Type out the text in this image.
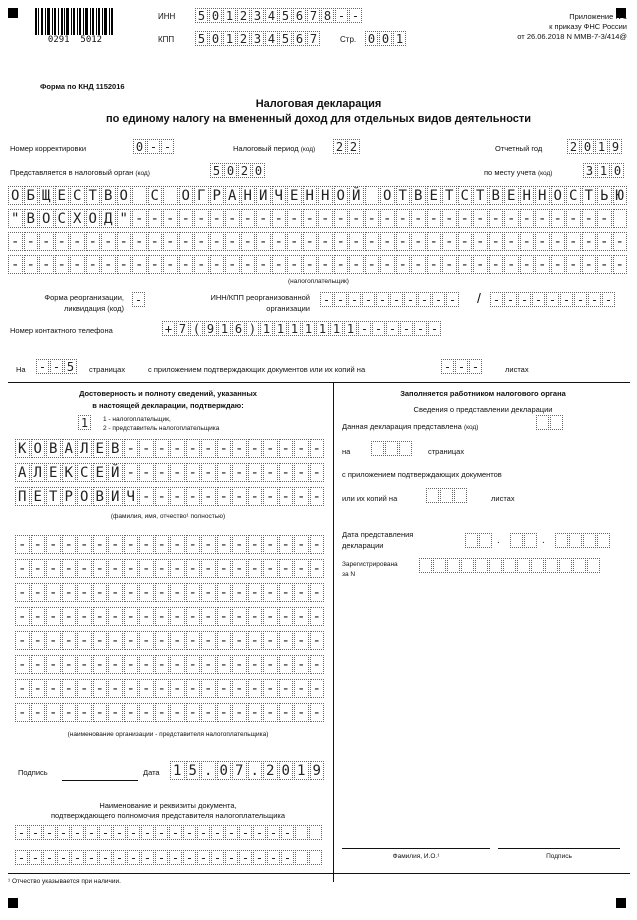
0291  5012
ИНН 5 0 1 2 3 4 5 6 7 8 - -
КПП 5 0 1 2 3 4 5 6 7	Стр. 0 0 1
Приложение N 1
к приказу ФНС России
от 26.06.2018 N ММВ-7-3/414@
Форма по КНД 1152016
Налоговая декларация
по единому налогу на вмененный доход для отдельных видов деятельности
Номер корректировки	0 - -	Налоговый период (код) 2 2	Отчетный год 2 0 1 9
Представляется в налоговый орган (код)	5 0 2 0	по месту учета (код)	3 1 0
О Б Щ Е С Т В О С О Г Р А Н И Ч Е Н Н О Й О Т В Е Т С Т В Е Н Н О С Т Ь Ю
" В О С Х О Д " - - - - - - - - - - - - - - - - - - - - - - - - - - - - - - -
- - - - - - - - - - - - - - - - - - - - - - - - - - - - - - - - - - - - - - - -
- - - - - - - - - - - - - - - - - - - - - - - - - - - - - - - - - - - - - - - -
(налогоплательщик)
Форма реорганизации,
ликвидация (код)
-	ИНН/КПП реорганизованной
организации
- - - - - - - - - - / - - - - - - - - -
Номер контактного телефона	+ 7 ( 9 1 6 ) 1 1 1 1 1 1 1 - - - - - -
На - - 5	страницах	с приложением подтверждающих документов или их копий на	- - -	листах
Достоверность и полноту сведений, указанных
в настоящей декларации, подтверждаю:
1	1 - налогоплательщик,
2 - представитель налогоплательщика
К О В А Л Е В - - - - - - - - - - - - -
А Л Е К С Е Й - - - - - - - - - - - - -
П Е Т Р О В И Ч - - - - - - - - - - - -
(фамилия, имя, отчество¹ полностью)
- - - - - - - - - - - - - - - - - - - -
- - - - - - - - - - - - - - - - - - - -
- - - - - - - - - - - - - - - - - - - -
- - - - - - - - - - - - - - - - - - - -
- - - - - - - - - - - - - - - - - - - -
- - - - - - - - - - - - - - - - - - - -
- - - - - - - - - - - - - - - - - - - -
- - - - - - - - - - - - - - - - - - - -
(наименование организации - представителя налогоплательщика)
Подпись	Дата 1 5 . 0 7 . 2 0 1 9
Наименование и реквизиты документа,
подтверждающего полномочия представителя налогоплательщика
- - - - - - - - - - - - - - - - - - - -
- - - - - - - - - - - - - - - - - - - -
Заполняется работником налогового органа
Сведения о представлении декларации
Данная декларация представлена (код)
на	страницах
с приложением подтверждающих документов
или их копий на	листах
Дата представления
декларации	.	.
Зарегистрирована
за N
Фамилия, И.О.¹	Подпись
¹ Отчество указывается при наличии.
